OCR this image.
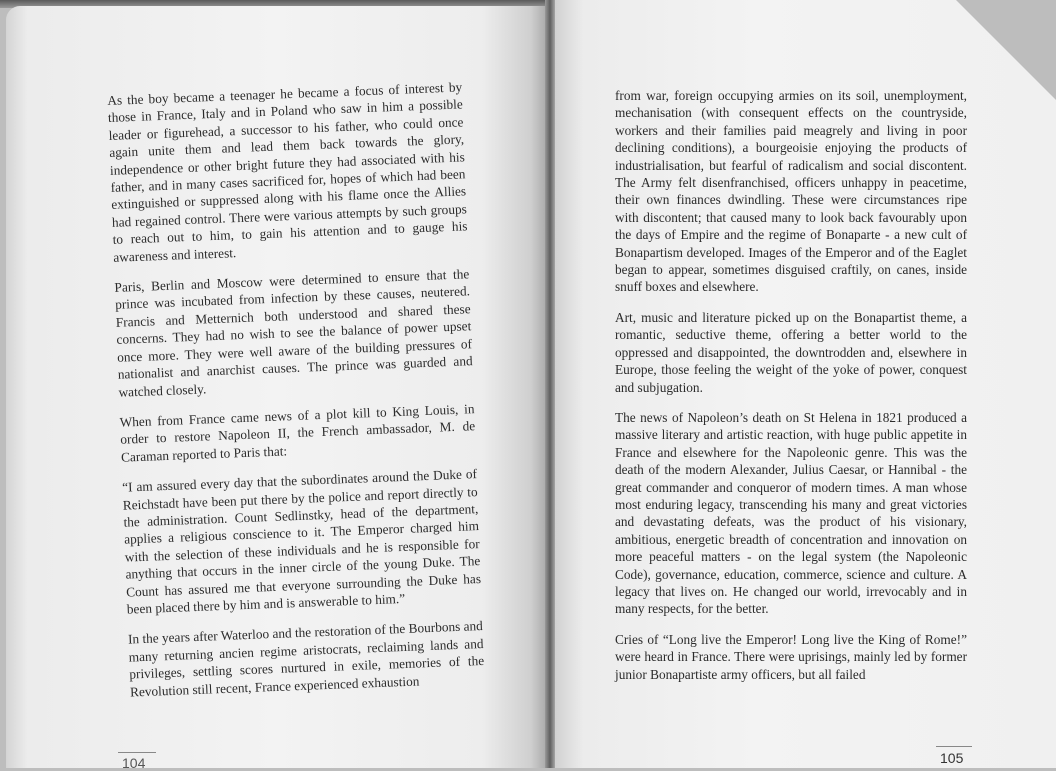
As the boy became a teenager he became a focus of interest by those in France, Italy and in Poland who saw in him a possible leader or figurehead, a successor to his father, who could once again unite them and lead them back towards the glory, independence or other bright future they had associated with his father, and in many cases sacrificed for, hopes of which had been extinguished or suppressed along with his flame once the Allies had regained control. There were various attempts by such groups to reach out to him, to gain his attention and to gauge his awareness and interest.

Paris, Berlin and Moscow were determined to ensure that the prince was incubated from infection by these causes, neutered. Francis and Metternich both understood and shared these concerns. They had no wish to see the balance of power upset once more. They were well aware of the building pressures of nationalist and anarchist causes. The prince was guarded and watched closely.

When from France came news of a plot kill to King Louis, in order to restore Napoleon II, the French ambassador, M. de Caraman reported to Paris that:

“I am assured every day that the subordinates around the Duke of Reichstadt have been put there by the police and report directly to the administration. Count Sedlinstky, head of the department, applies a religious conscience to it. The Emperor charged him with the selection of these individuals and he is responsible for anything that occurs in the inner circle of the young Duke. The Count has assured me that everyone surrounding the Duke has been placed there by him and is answerable to him.”

In the years after Waterloo and the restoration of the Bourbons and many returning ancien regime aristocrats, reclaiming lands and privileges, settling scores nurtured in exile, memories of the Revolution still recent, France experienced exhaustion

from war, foreign occupying armies on its soil, unemployment, mechanisation (with consequent effects on the countryside, workers and their families paid meagrely and living in poor declining conditions), a bourgeoisie enjoying the products of industrialisation, but fearful of radicalism and social discontent. The Army felt disenfranchised, officers unhappy in peacetime, their own finances dwindling. These were circumstances ripe with discontent; that caused many to look back favourably upon the days of Empire and the regime of Bonaparte - a new cult of Bonapartism developed. Images of the Emperor and of the Eaglet began to appear, sometimes disguised craftily, on canes, inside snuff boxes and elsewhere.

Art, music and literature picked up on the Bonapartist theme, a romantic, seductive theme, offering a better world to the oppressed and disappointed, the downtrodden and, elsewhere in Europe, those feeling the weight of the yoke of power, conquest and subjugation.

The news of Napoleon’s death on St Helena in 1821 produced a massive literary and artistic reaction, with huge public appetite in France and elsewhere for the Napoleonic genre. This was the death of the modern Alexander, Julius Caesar, or Hannibal - the great commander and conqueror of modern times. A man whose most enduring legacy, transcending his many and great victories and devastating defeats, was the product of his visionary, ambitious, energetic breadth of concentration and innovation on more peaceful matters - on the legal system (the Napoleonic Code), governance, education, commerce, science and culture. A legacy that lives on. He changed our world, irrevocably and in many respects, for the better.

Cries of “Long live the Emperor! Long live the King of Rome!” were heard in France. There were uprisings, mainly led by former junior Bonapartiste army officers, but all failed

104	105
